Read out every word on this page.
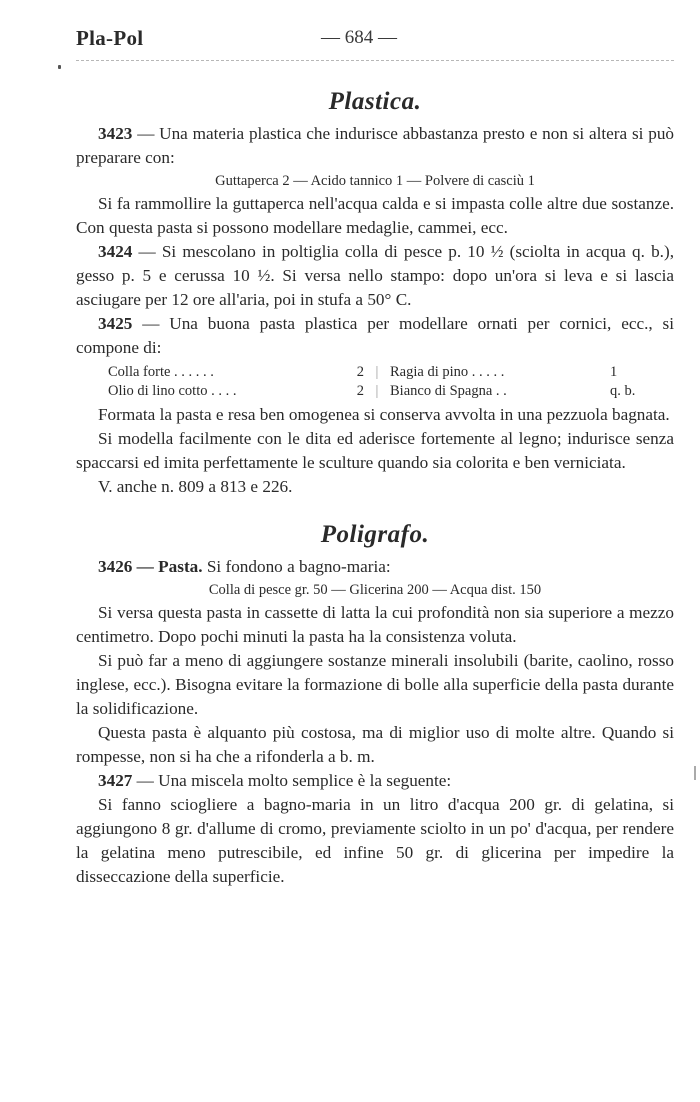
Pla-Pol	— 684 —
Plastica.

3423 — Una materia plastica che indurisce abbastanza presto e non si altera si può preparare con:

Guttaperca 2 — Acido tannico 1 — Polvere di casciù 1

Si fa rammollire la guttaperca nell'acqua calda e si impasta colle altre due sostanze. Con questa pasta si possono modellare medaglie, cammei, ecc.

3424 — Si mescolano in poltiglia colla di pesce p. 10 ½ (sciolta in acqua q. b.), gesso p. 5 e cerussa 10 ½. Si versa nello stampo: dopo un'ora si leva e si lascia asciugare per 12 ore all'aria, poi in stufa a 50° C.

3425 — Una buona pasta plastica per modellare ornati per cornici, ecc., si compone di:

Colla forte . . . . . .	2	|	Ragia di pino . . . . .	1
Olio di lino cotto . . . .	2	|	Bianco di Spagna . .	q. b.

Formata la pasta e resa ben omogenea si conserva avvolta in una pezzuola bagnata.

Si modella facilmente con le dita ed aderisce fortemente al legno; indurisce senza spaccarsi ed imita perfettamente le sculture quando sia colorita e ben verniciata.

V. anche n. 809 a 813 e 226.

Poligrafo.

3426 — Pasta. Si fondono a bagno-maria:

Colla di pesce gr. 50 — Glicerina 200 — Acqua dist. 150

Si versa questa pasta in cassette di latta la cui profondità non sia superiore a mezzo centimetro. Dopo pochi minuti la pasta ha la consistenza voluta.

Si può far a meno di aggiungere sostanze minerali insolubili (barite, caolino, rosso inglese, ecc.). Bisogna evitare la formazione di bolle alla superficie della pasta durante la solidificazione.

Questa pasta è alquanto più costosa, ma di miglior uso di molte altre. Quando si rompesse, non si ha che a rifonderla a b. m.

3427 — Una miscela molto semplice è la seguente:

Si fanno sciogliere a bagno-maria in un litro d'acqua 200 gr. di gelatina, si aggiungono 8 gr. d'allume di cromo, previamente sciolto in un po' d'acqua, per rendere la gelatina meno putrescibile, ed infine 50 gr. di glicerina per impedire la disseccazione della superficie.
